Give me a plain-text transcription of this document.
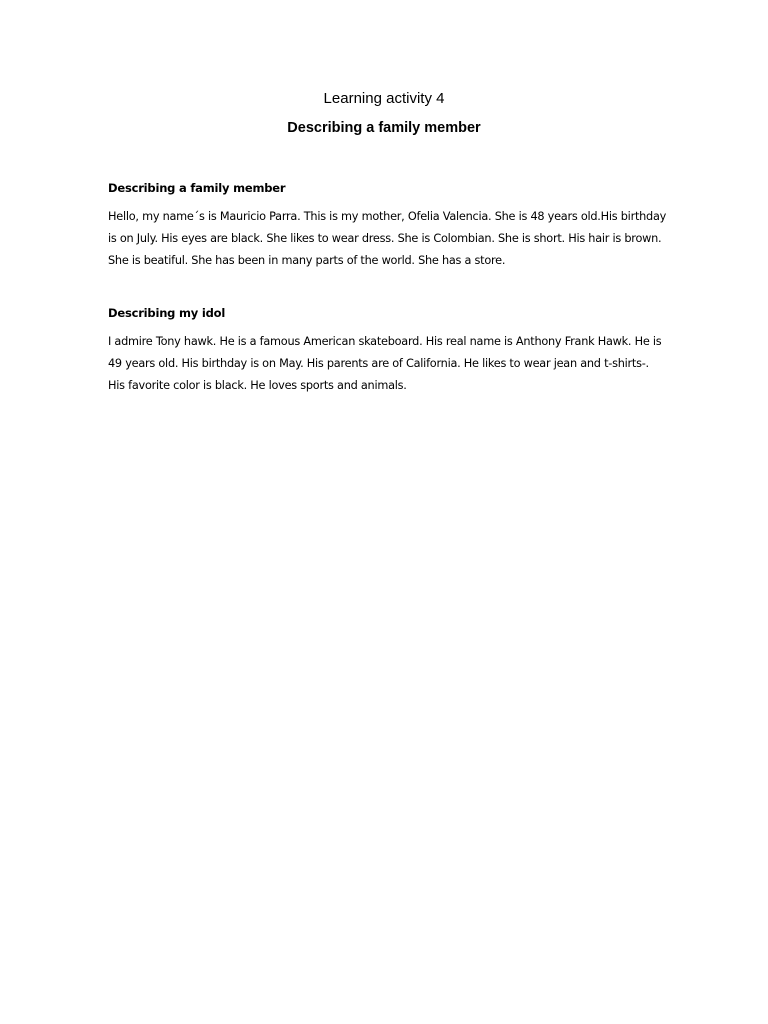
Learning activity 4
Describing a family member

Describing a family member

Hello, my name´s is Mauricio Parra. This is my mother, Ofelia Valencia. She is 48 years old.His birthday is on July. His eyes are black. She likes to wear dress. She is Colombian. She is short. His hair is brown. She is beatiful. She has been in many parts of the world. She has a store.

Describing my idol

I admire Tony hawk. He is a famous American skateboard. His real name is Anthony Frank Hawk. He is 49 years old. His birthday is on May. His parents are of California. He likes to wear jean and t-shirts-. His favorite color is black. He loves sports and animals.
